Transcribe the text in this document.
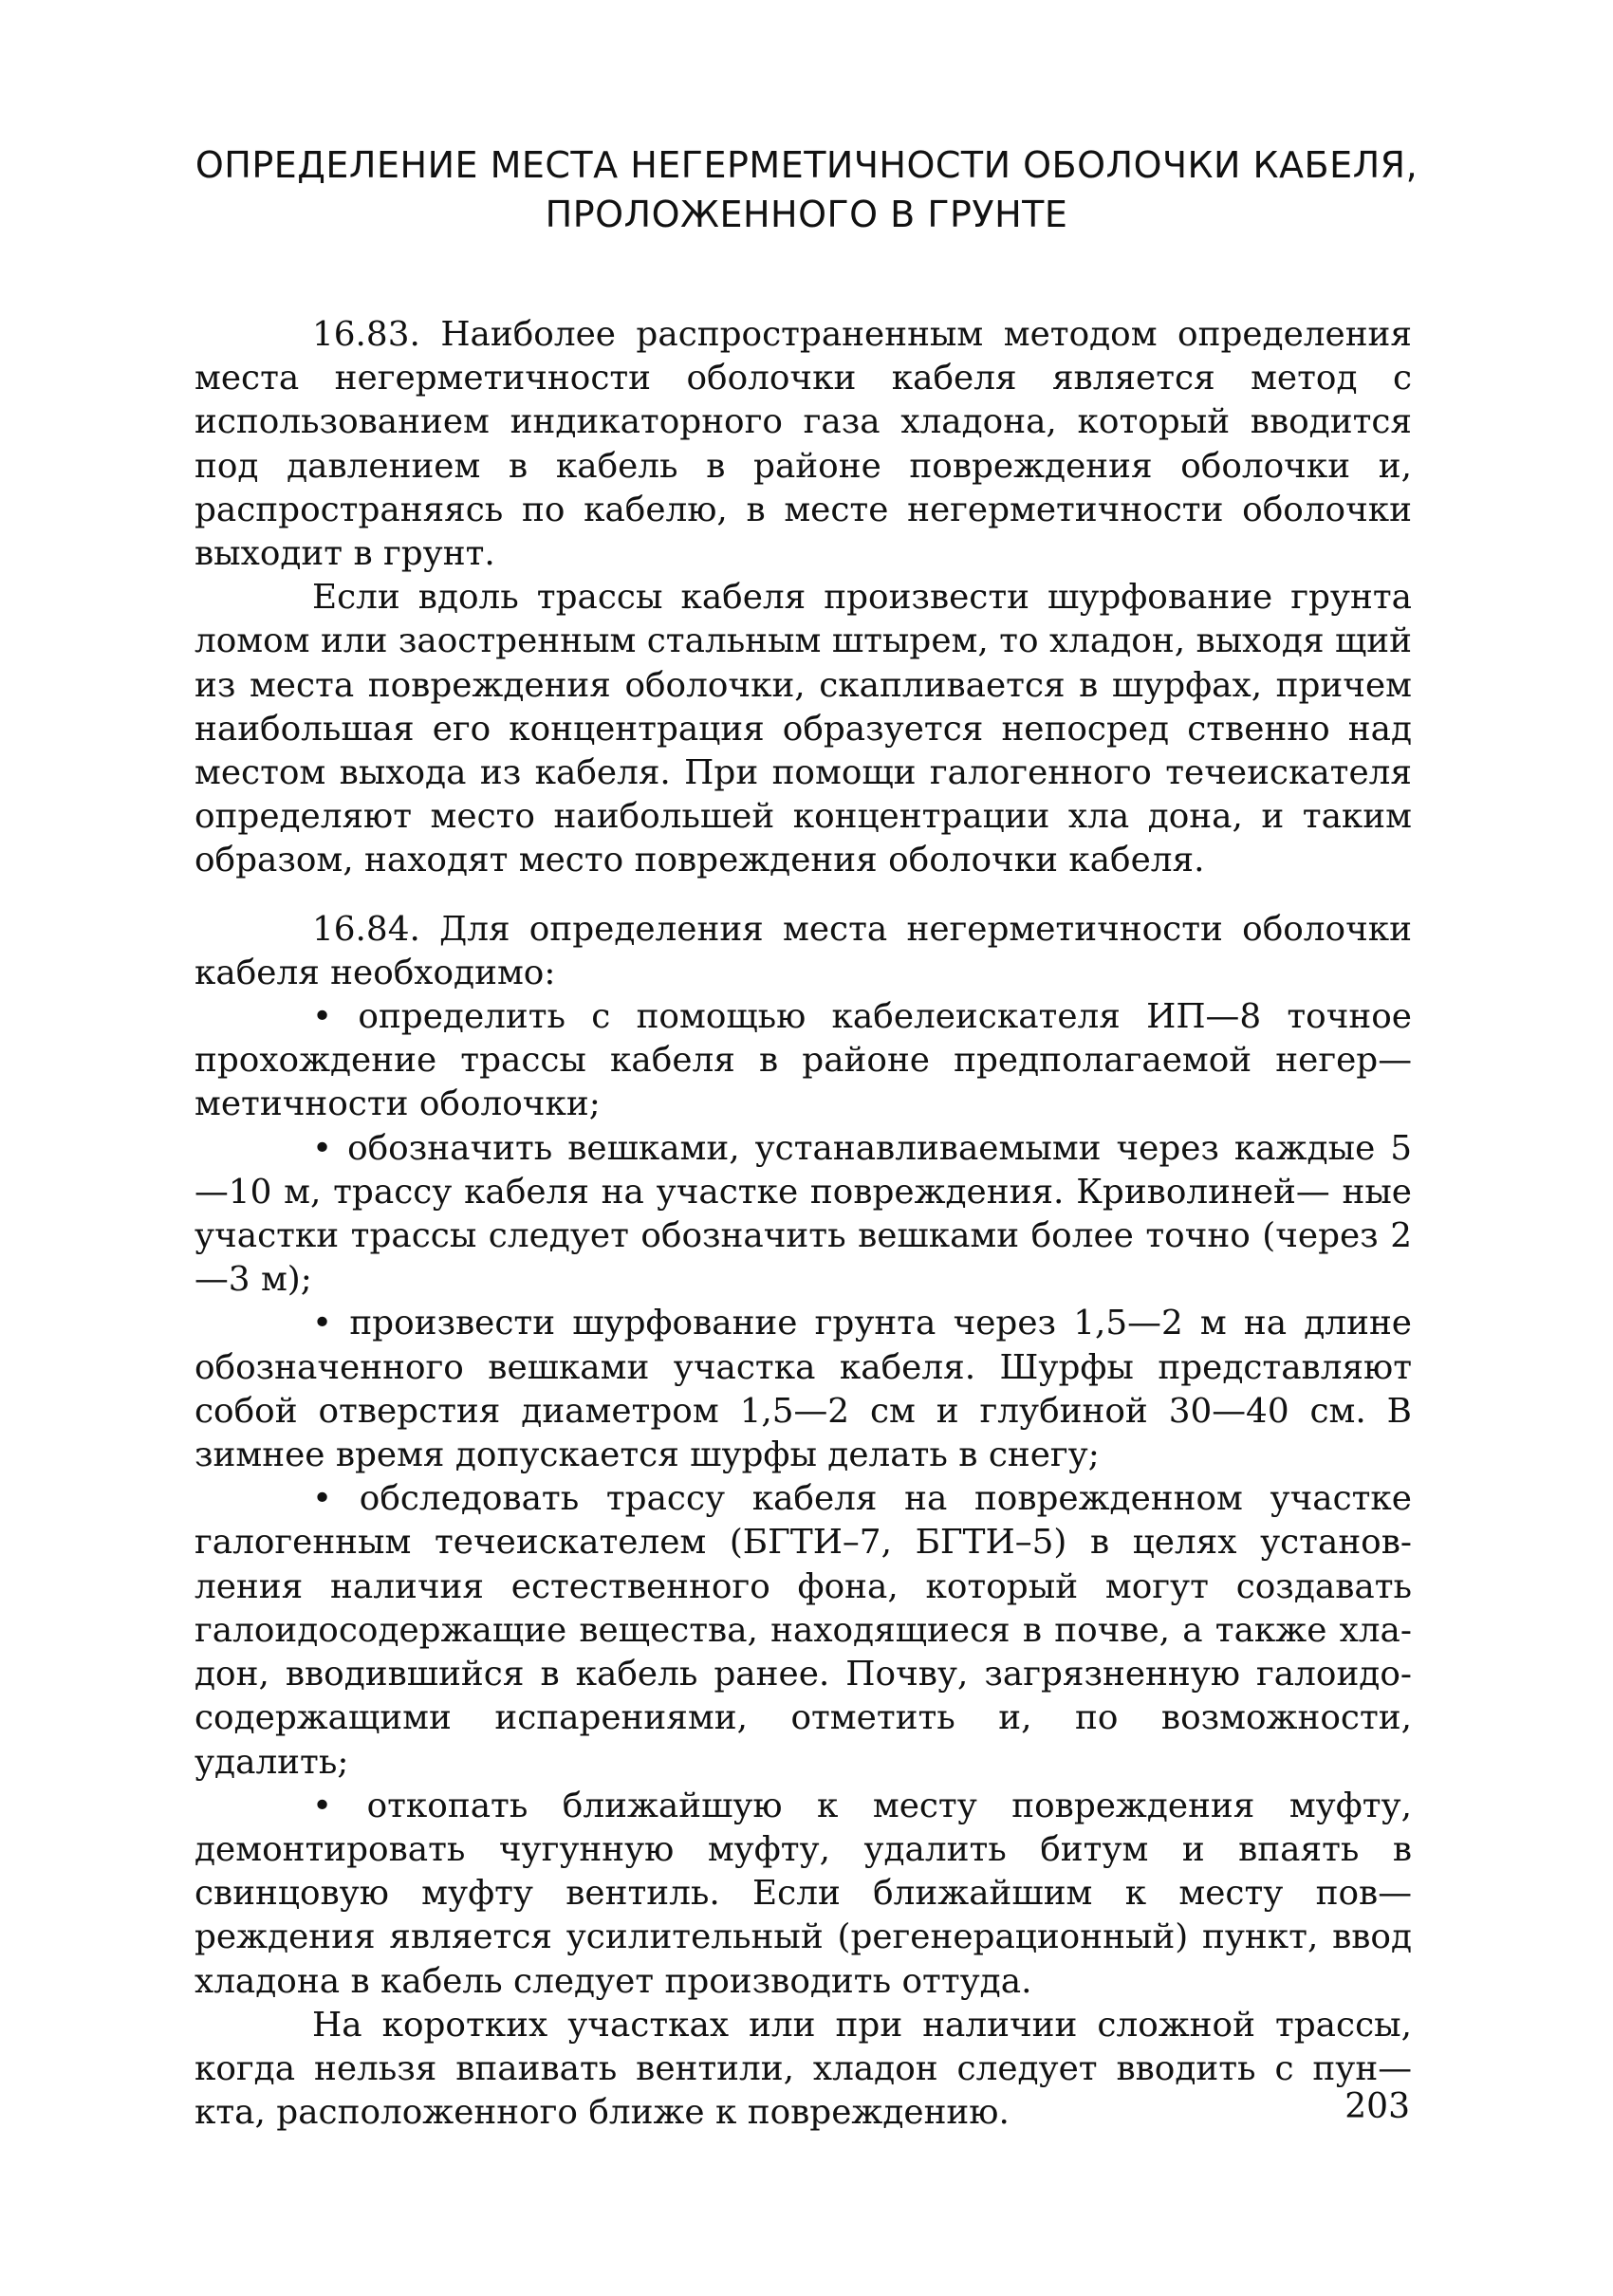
ОПРЕДЕЛЕНИЕ МЕСТА НЕГЕРМЕТИЧНОСТИ ОБОЛОЧКИ КАБЕЛЯ,
ПРОЛОЖЕННОГО В ГРУНТЕ

16.83. Наиболее распространенным методом определения места негерметичности оболочки кабеля является метод с использованием индикаторного газа хладона, который вводится под давлением в кабель в районе повреждения оболочки и, распространяясь по кабелю, в месте негерметичности оболочки выходит в грунт.

Если вдоль трассы кабеля произвести шурфование грунта ломом или заостренным стальным штырем, то хладон, выходя щий из места повреждения оболочки, скапливается в шурфах, причем наибольшая его концентрация образуется непосред ственно над местом выхода из кабеля. При помощи галогенного течеискателя определяют место наибольшей концентрации хла дона, и таким образом, находят место повреждения оболочки кабеля.

16.84. Для определения места негерметичности оболочки кабеля необходимо:

• определить с помощью кабелеискателя ИП—8 точное прохождение трассы кабеля в районе предполагаемой негер— метичности оболочки;

• обозначить вешками, устанавливаемыми через каждые 5—10 м, трассу кабеля на участке повреждения. Криволиней— ные участки трассы следует обозначить вешками более точно (через 2—3 м);

• произвести шурфование грунта через 1,5—2 м на длине обозначенного вешками участка кабеля. Шурфы представляют собой отверстия диаметром 1,5—2 см и глубиной 30—40 см. В зимнее время допускается шурфы делать в снегу;

• обследовать трассу кабеля на поврежденном участке галогенным течеискателем (БГТИ–7, БГТИ–5) в целях установ ления наличия естественного фона, который могут создавать галоидосодержащие вещества, находящиеся в почве, а также хла дон, вводившийся в кабель ранее. Почву, загрязненную галоидо содержащими испарениями, отметить и, по возможности, удалить;

• откопать ближайшую к месту повреждения муфту, демонтировать чугунную муфту, удалить битум и впаять в свинцовую муфту вентиль. Если ближайшим к месту пов— реждения является усилительный (регенерационный) пункт, ввод хладона в кабель следует производить оттуда.

На коротких участках или при наличии сложной трассы, когда нельзя впаивать вентили, хладон следует вводить с пун— кта, расположенного ближе к повреждению.	203
